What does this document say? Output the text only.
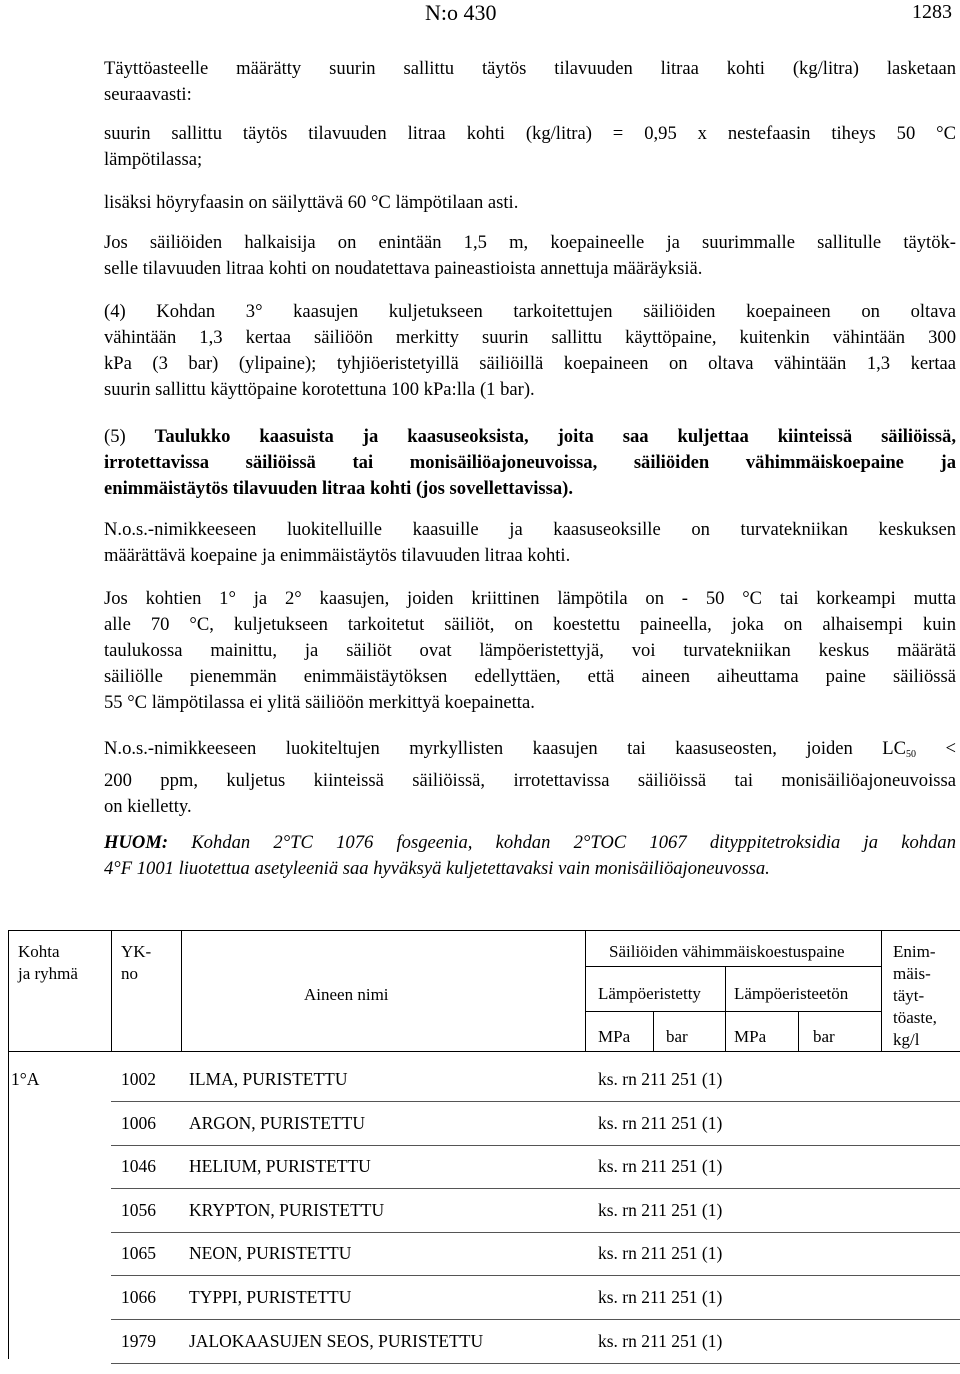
N:o 430	1283
Täyttöasteelle määrätty suurin sallittu täytös tilavuuden litraa kohti (kg/litra) lasketaan
seuraavasti:
suurin sallittu täytös tilavuuden litraa kohti (kg/litra) = 0,95 x nestefaasin tiheys 50 °C
lämpötilassa;
lisäksi höyryfaasin on säilyttävä 60 °C lämpötilaan asti.
Jos säiliöiden halkaisija on enintään 1,5 m, koepaineelle ja suurimmalle sallitulle täytök-
selle tilavuuden litraa kohti on noudatettava paineastioista annettuja määräyksiä.
(4) Kohdan 3° kaasujen kuljetukseen tarkoitettujen säiliöiden koepaineen on oltava
vähintään 1,3 kertaa säiliöön merkitty suurin sallittu käyttöpaine, kuitenkin vähintään 300
kPa (3 bar) (ylipaine); tyhjiöeristetyillä säiliöillä koepaineen on oltava vähintään 1,3 kertaa
suurin sallittu käyttöpaine korotettuna 100 kPa:lla (1 bar).
(5) Taulukko kaasuista ja kaasuseoksista, joita saa kuljettaa kiinteissä säiliöissä,
irrotettavissa säiliöissä tai monisäiliöajoneuvoissa, säiliöiden vähimmäiskoepaine ja
enimmäistäytös tilavuuden litraa kohti (jos sovellettavissa).
N.o.s.-nimikkeeseen luokitelluille kaasuille ja kaasuseoksille on turvatekniikan keskuksen
määrättävä koepaine ja enimmäistäytös tilavuuden litraa kohti.
Jos kohtien 1° ja 2° kaasujen, joiden kriittinen lämpötila on - 50 °C tai korkeampi mutta
alle 70 °C, kuljetukseen tarkoitetut säiliöt, on koestettu paineella, joka on alhaisempi kuin
taulukossa mainittu, ja säiliöt ovat lämpöeristettyjä, voi turvatekniikan keskus määrätä
säiliölle pienemmän enimmäistäytöksen edellyttäen, että aineen aiheuttama paine säiliössä
55 °C lämpötilassa ei ylitä säiliöön merkittyä koepainetta.
N.o.s.-nimikkeeseen luokiteltujen myrkyllisten kaasujen tai kaasuseosten, joiden $LC_{50}$ <
200 ppm, kuljetus kiinteissä säiliöissä, irrotettavissa säiliöissä tai monisäiliöajoneuvoissa
on kielletty.
HUOM: Kohdan 2°TC 1076 fosgeenia, kohdan 2°TOC 1067 dityppitetroksidia ja kohdan
4°F 1001 liuotettua asetyleeniä saa hyväksyä kuljetettavaksi vain monisäiliöajoneuvossa.
Kohta
ja ryhmä
YK-
no
Aineen nimi
Säiliöiden vähimmäiskoestuspaine
Lämpöeristetty Lämpöeristeetön
MPa bar	MPa	bar
Enim-
mäis-
täyt-
töaste,
kg/l
1°A	1002 ILMA, PURISTETTU	ks. rn 211 251 (1)
1006 ARGON, PURISTETTU	ks. rn 211 251 (1)
1046 HELIUM, PURISTETTU	ks. rn 211 251 (1)
1056 KRYPTON, PURISTETTU	ks. rn 211 251 (1)
1065 NEON, PURISTETTU	ks. rn 211 251 (1)
1066 TYPPI, PURISTETTU	ks. rn 211 251 (1)
1979 JALOKAASUJEN SEOS, PURISTETTU	ks. rn 211 251 (1)
